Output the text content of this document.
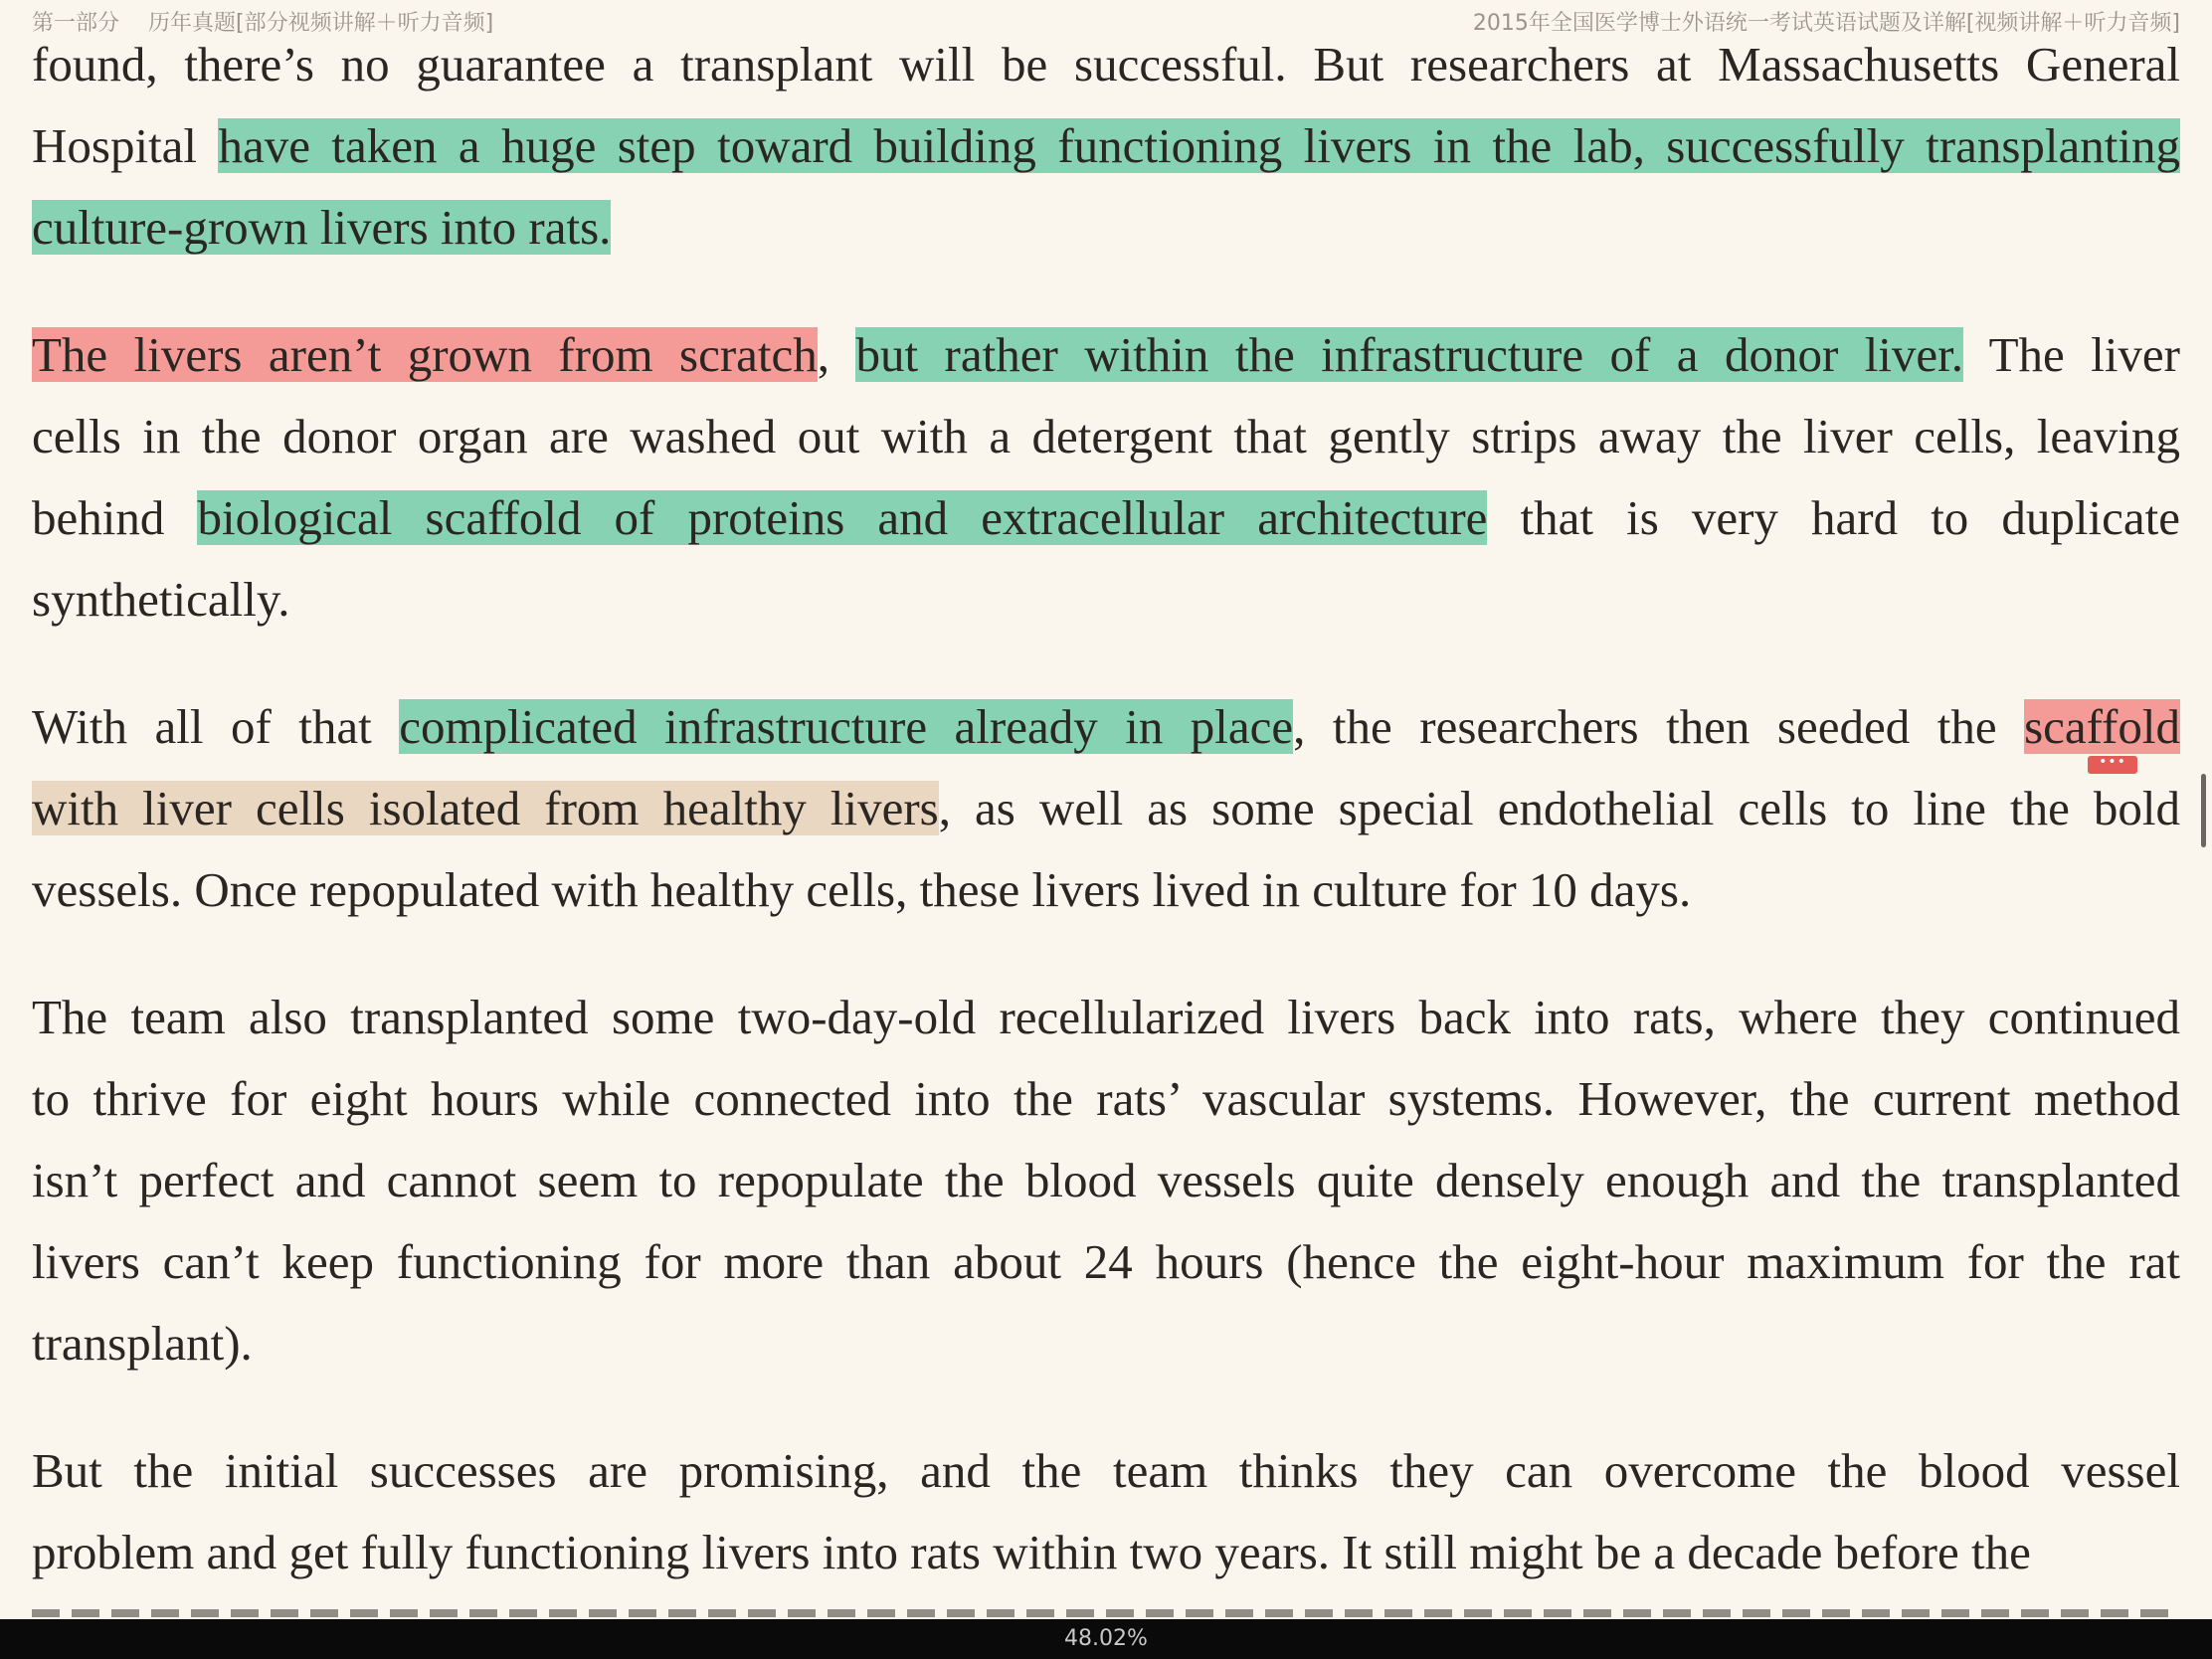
第一部分 历年真题[部分视频讲解＋听力音频]	2015年全国医学博士外语统一考试英语试题及详解[视频讲解＋听力音频]
found, there’s no guarantee a transplant will be successful. But researchers at Massachusetts General
Hospital have taken a huge step toward building functioning livers in the lab, successfully transplanting
culture-grown livers into rats.
The livers aren’t grown from scratch, but rather within the infrastructure of a donor liver. The liver
cells in the donor organ are washed out with a detergent that gently strips away the liver cells, leaving
behind biological scaffold of proteins and extracellular architecture that is very hard to duplicate
synthetically.
With all of that complicated infrastructure already in place, the researchers then seeded the scaffold
with liver cells isolated from healthy livers, as well as some special endothelial cells to line the bold
vessels. Once repopulated with healthy cells, these livers lived in culture for 10 days.
The team also transplanted some two-day-old recellularized livers back into rats, where they continued
to thrive for eight hours while connected into the rats’ vascular systems. However, the current method
isn’t perfect and cannot seem to repopulate the blood vessels quite densely enough and the transplanted
livers can’t keep functioning for more than about 24 hours (hence the eight-hour maximum for the rat
transplant).
But the initial successes are promising, and the team thinks they can overcome the blood vessel
problem and get fully functioning livers into rats within two years. It still might be a decade before the
•••
48.02%
